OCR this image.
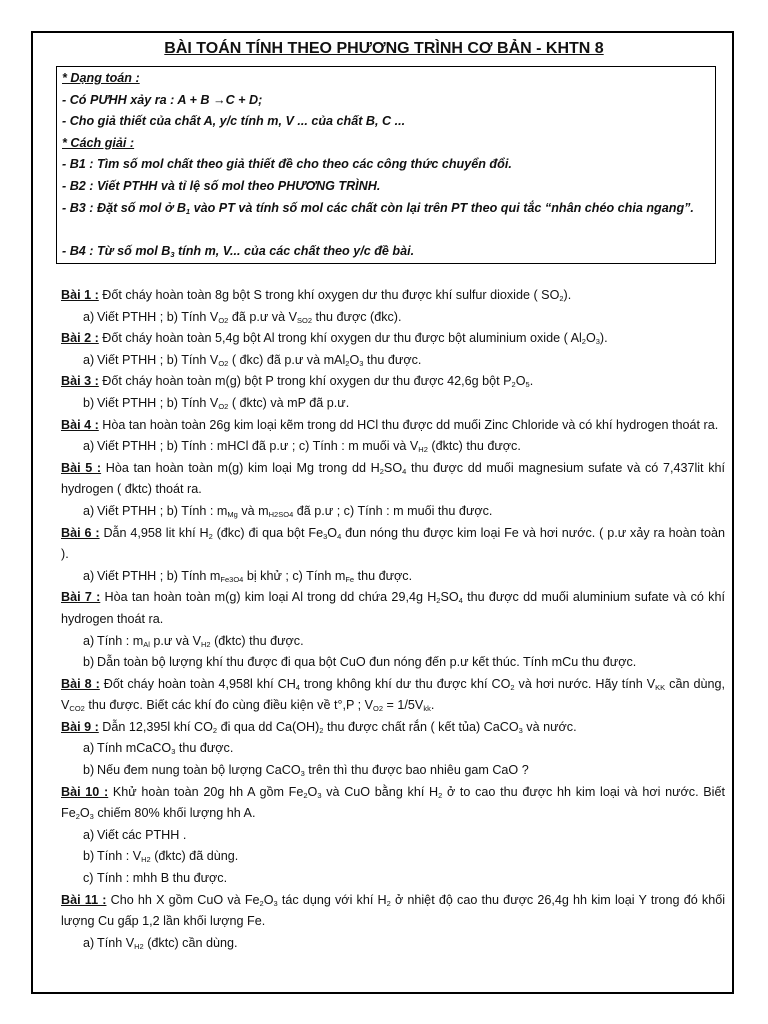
BÀI TOÁN TÍNH THEO PHƯƠNG TRÌNH CƠ BẢN - KHTN 8
* Dạng toán :
- Có PƯHH xảy ra : A + B →C + D;
- Cho giả thiết của chất A, y/c tính m, V ... của chất B, C ...
* Cách giải :
- B1 : Tìm số mol chất theo giả thiết đề cho theo các công thức chuyển đổi.
- B2 : Viết PTHH và tỉ lệ số mol theo PHƯƠNG TRÌNH.
- B3 : Đặt số mol ở $B_1$ vào PT và tính số mol các chất còn lại trên PT theo qui tắc “nhân chéo chia ngang”.
- B4 : Từ số mol $B_3$ tính m, V... của các chất theo y/c đề bài.
Bài 1 : Đốt cháy hoàn toàn 8g bột S trong khí oxygen dư thu được khí sulfur dioxide ( $SO_2$).
a) Viết PTHH ; b) Tính $V_{O2}$ đã p.ư và $V_{SO2}$ thu được (đkc).
Bài 2 : Đốt cháy hoàn toàn 5,4g bột Al trong khí oxygen dư thu được bột aluminium oxide ( $Al_2O_3$).
a) Viết PTHH ; b) Tính $V_{O2}$ ( đkc) đã p.ư và $mAl_2O_3$ thu được.
Bài 3 : Đốt cháy hoàn toàn m(g) bột P trong khí oxygen dư thu được 42,6g bột $P_2O_5$.
b) Viết PTHH ; b) Tính $V_{O2}$ ( đktc) và mP đã p.ư.
Bài 4 : Hòa tan hoàn toàn 26g kim loại kẽm trong dd HCl thu được dd muối Zinc Chloride và có khí hydrogen thoát ra.
a) Viết PTHH ; b) Tính : mHCl đã p.ư ; c) Tính : m muối và $V_{H2}$ (đktc) thu được.
Bài 5 : Hòa tan hoàn toàn m(g) kim loại Mg trong dd $H_2SO_4$ thu được dd muối magnesium sufate và có 7,437lit khí hydrogen ( đktc) thoát ra.
a) Viết PTHH ; b) Tính : $m_{Mg}$ và $m_{H2SO4}$ đã p.ư ; c) Tính : m muối thu được.
Bài 6 : Dẫn 4,958 lit khí $H_2$ (đkc) đi qua bột $Fe_3O_4$ đun nóng thu được kim loại Fe và hơi nước. ( p.ư xảy ra hoàn toàn ).
a) Viết PTHH ; b) Tính $m_{Fe3O4}$ bị khử ; c) Tính $m_{Fe}$ thu được.
Bài 7 : Hòa tan hoàn toàn m(g) kim loại Al trong dd chứa 29,4g $H_2SO_4$ thu được dd muối aluminium sufate và có khí hydrogen thoát ra.
a) Tính : $m_{Al}$ p.ư và $V_{H2}$ (đktc) thu được.
b) Dẫn toàn bộ lượng khí thu được đi qua bột CuO đun nóng đến p.ư kết thúc. Tính mCu thu được.
Bài 8 : Đốt cháy hoàn toàn 4,958l khí $CH_4$ trong không khí dư thu được khí $CO_2$ và hơi nước. Hãy tính $V_{KK}$ cần dùng, $V_{CO2}$ thu được. Biết các khí đo cùng điều kiện về t°,P ; $V_{O2} = 1/5V_{kk}$.
Bài 9 : Dẫn 12,395l khí $CO_2$ đi qua dd $Ca(OH)_2$ thu được chất rắn ( kết tủa) CaCO$_3$ và nước.
a) Tính mCaCO$_3$ thu được.
b) Nếu đem nung toàn bộ lượng CaCO$_3$ trên thì thu được bao nhiêu gam CaO ?
Bài 10 : Khử hoàn toàn 20g hh A gồm $Fe_2O_3$ và CuO bằng khí $H_2$ ở to cao thu được hh kim loại và hơi nước. Biết $Fe_2O_3$ chiếm 80% khối lượng hh A.
a) Viết các PTHH .
b) Tính : $V_{H2}$ (đktc) đã dùng.
c) Tính : mhh B thu được.
Bài 11 : Cho hh X gồm CuO và $Fe_2O_3$ tác dụng với khí $H_2$ ở nhiệt độ cao thu được 26,4g hh kim loại Y trong đó khối lượng Cu gấp 1,2 lần khối lượng Fe.
a) Tính $V_{H2}$ (đktc) cần dùng.
